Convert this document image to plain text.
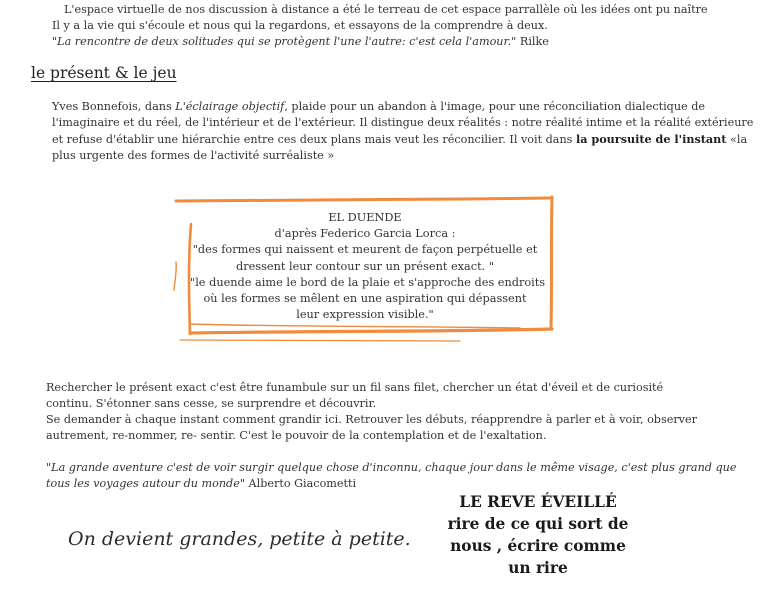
L'espace virtuelle de nos discussion à distance a été le terreau de cet espace parrallèle où les idées ont pu naître
Il y a la vie qui s'écoule et nous qui la regardons, et essayons de la comprendre à deux.
"La rencontre de deux solitudes qui se protègent l'une l'autre: c'est cela l'amour." Rilke
le présent & le jeu
Yves Bonnefois, dans L'éclairage objectif, plaide pour un abandon à l'image, pour une réconciliation dialectique de
l'imaginaire et du réel, de l'intérieur et de l'extérieur. Il distingue deux réalités : notre réalité intime et la réalité extérieure
et refuse d'établir une hiérarchie entre ces deux plans mais veut les réconcilier. Il voit dans la poursuite de l'instant «la
plus urgente des formes de l'activité surréaliste »
EL DUENDE
d'après Federico Garcia Lorca :
"des formes qui naissent et meurent de façon perpétuelle et
dressent leur contour sur un présent exact. "
"le duende aime le bord de la plaie et s'approche des endroits
où les formes se mêlent en une aspiration qui dépassent
leur expression visible."
Rechercher le présent exact c'est être funambule sur un fil sans filet, chercher un état d'éveil et de curiosité
continu. S'étonner sans cesse, se surprendre et découvrir.
Se demander à chaque instant comment grandir ici. Retrouver les débuts, réapprendre à parler et à voir, observer
autrement, re-nommer, re- sentir. C'est le pouvoir de la contemplation et de l'exaltation.
"La grande aventure c'est de voir surgir quelque chose d'inconnu, chaque jour dans le même visage, c'est plus grand que
tous les voyages autour du monde" Alberto Giacometti
On devient grandes, petite à petite.
LE REVE ÉVEILLÉ
rire de ce qui sort de
nous , écrire comme
un rire
